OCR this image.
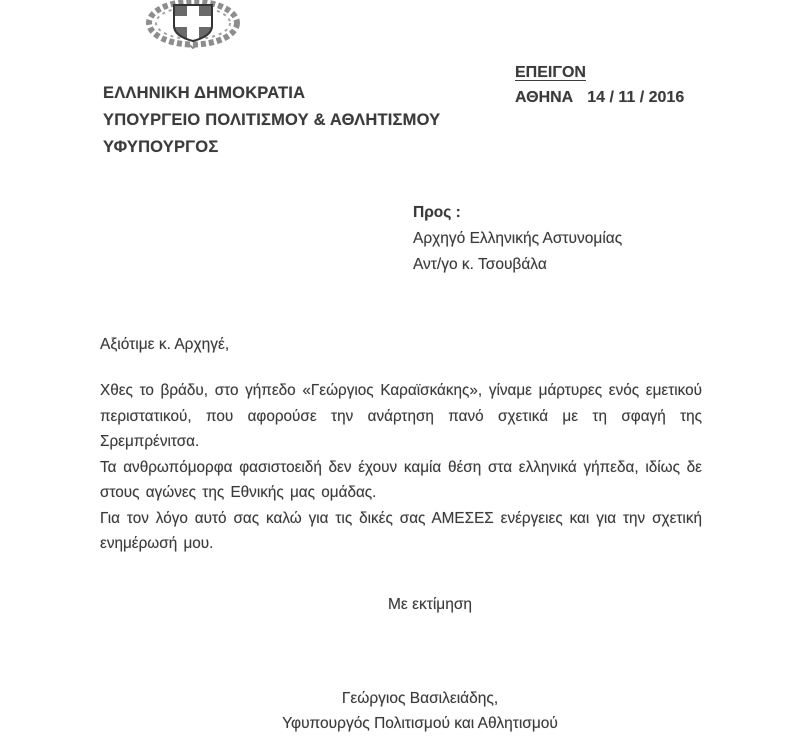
ΕΛΛΗΝΙΚΗ ΔΗΜΟΚΡΑΤΙΑ
ΥΠΟΥΡΓΕΙΟ ΠΟΛΙΤΙΣΜΟΥ & ΑΘΛΗΤΙΣΜΟΥ
ΥΦΥΠΟΥΡΓΟΣ
ΕΠΕΙΓΟΝ
ΑΘΗΝΑ 14 / 11 / 2016
Προς :
Αρχηγό Ελληνικής Αστυνομίας
Αντ/γο κ. Τσουβάλα
Αξιότιμε κ. Αρχηγέ,

Χθες το βράδυ, στο γήπεδο «Γεώργιος Καραϊσκάκης», γίναμε μάρτυρες ενός εμετικού περιστατικού, που αφορούσε την ανάρτηση πανό σχετικά με τη σφαγή της Σρεμπρένιτσα.

Τα ανθρωπόμορφα φασιστοειδή δεν έχουν καμία θέση στα ελληνικά γήπεδα, ιδίως δε στους αγώνες της Εθνικής μας ομάδας.

Για τον λόγο αυτό σας καλώ για τις δικές σας ΑΜΕΣΕΣ ενέργειες και για την σχετική ενημέρωσή μου.

Με εκτίμηση
Γεώργιος Βασιλειάδης,
Υφυπουργός Πολιτισμού και Αθλητισμού
